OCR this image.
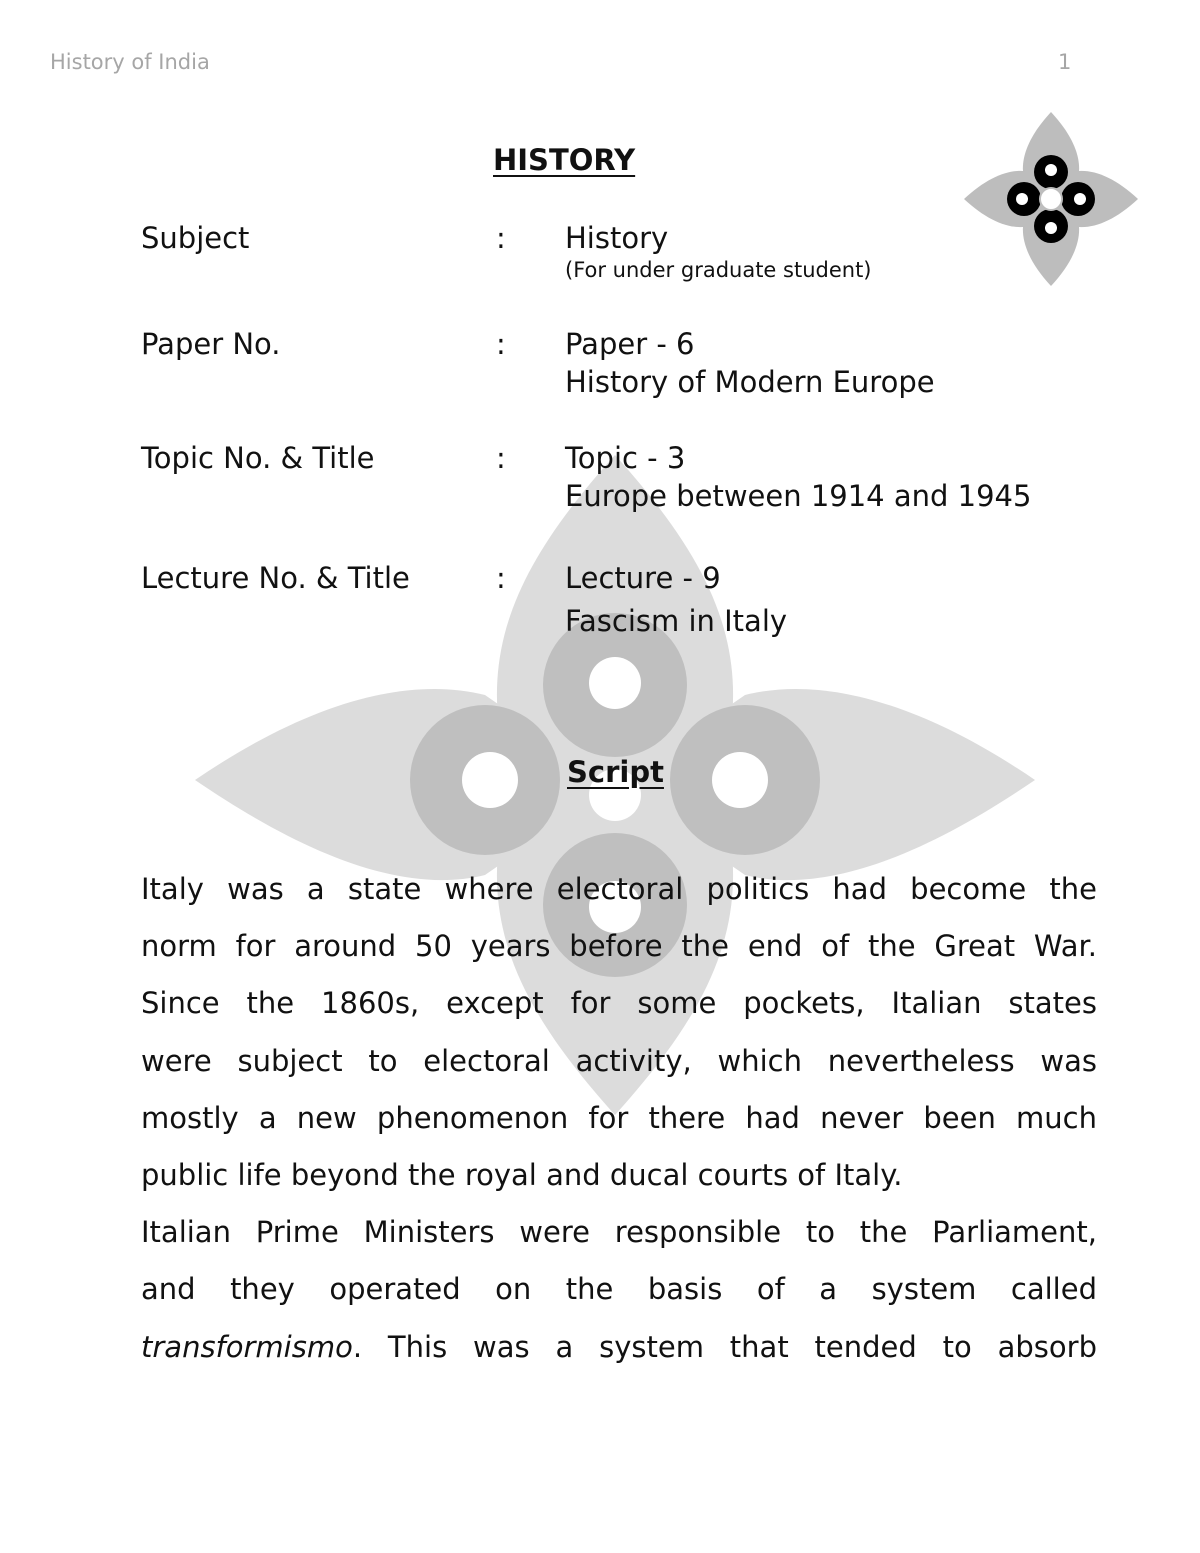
History of India	1
HISTORY
Subject	: History
(For under graduate student)
Paper No.	: Paper - 6
History of Modern Europe
Topic No. & Title	: Topic - 3
Europe between 1914 and 1945
Lecture No. & Title	: Lecture - 9
Fascism in Italy
Script
Italy was a state where electoral politics had become the
norm for around 50 years before the end of the Great War.
Since the 1860s, except for some pockets, Italian states
were subject to electoral activity, which nevertheless was
mostly a new phenomenon for there had never been much
public life beyond the royal and ducal courts of Italy.
Italian Prime Ministers were responsible to the Parliament,
and they operated on the basis of a system called
transformismo. This was a system that tended to absorb
